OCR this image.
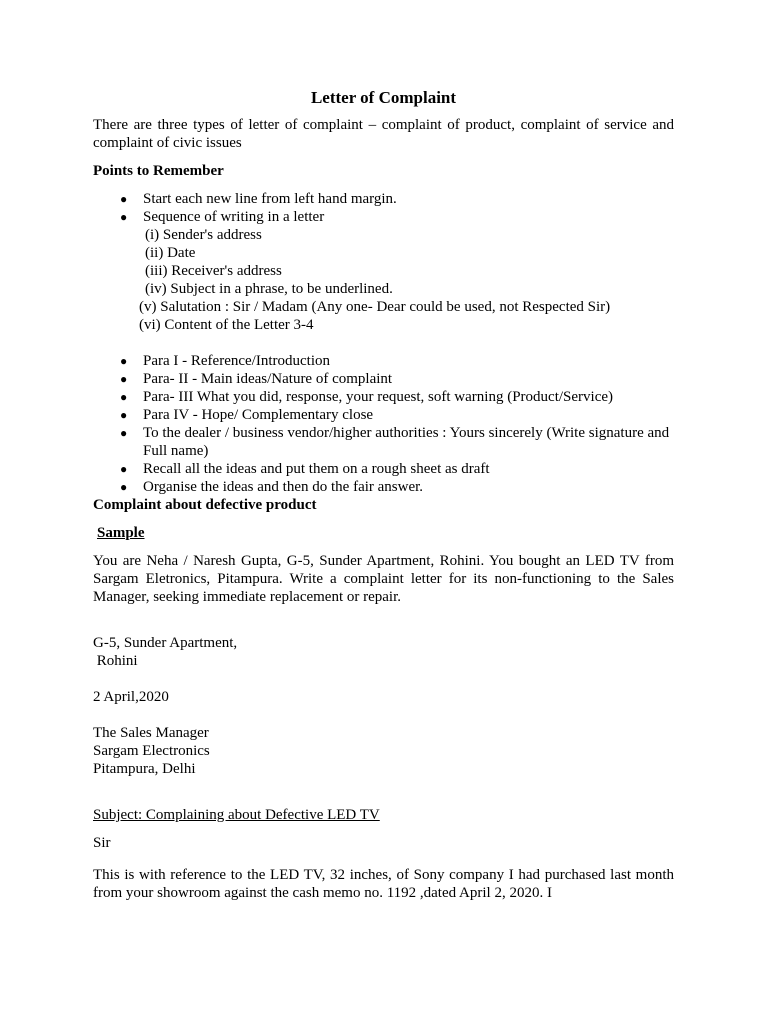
Letter of Complaint

There are three types of letter of complaint – complaint of product, complaint of service and complaint of civic issues

Points to Remember

● Start each new line from left hand margin.
● Sequence of writing in a letter

(i) Sender's address

(ii) Date

(iii) Receiver's address

(iv) Subject in a phrase, to be underlined.

(v) Salutation : Sir / Madam (Any one- Dear could be used, not Respected Sir)

(vi) Content of the Letter 3-4

● Para I - Reference/Introduction
● Para- II - Main ideas/Nature of complaint
● Para- III What you did, response, your request, soft warning (Product/Service)
● Para IV - Hope/ Complementary close
● To the dealer / business vendor/higher authorities : Yours sincerely (Write signature and Full name)
● Recall all the ideas and put them on a rough sheet as draft
● Organise the ideas and then do the fair answer.

Complaint about defective product

Sample

You are Neha / Naresh Gupta, G-5, Sunder Apartment, Rohini. You bought an LED TV from Sargam Eletronics, Pitampura. Write a complaint letter for its non-functioning to the Sales Manager, seeking immediate replacement or repair.

G-5, Sunder Apartment,

Rohini

2 April,2020

The Sales Manager

Sargam Electronics

Pitampura, Delhi

Subject: Complaining about Defective LED TV

Sir

This is with reference to the LED TV, 32 inches, of Sony company I had purchased last month from your showroom against the cash memo no. 1192 ,dated April 2, 2020. I
